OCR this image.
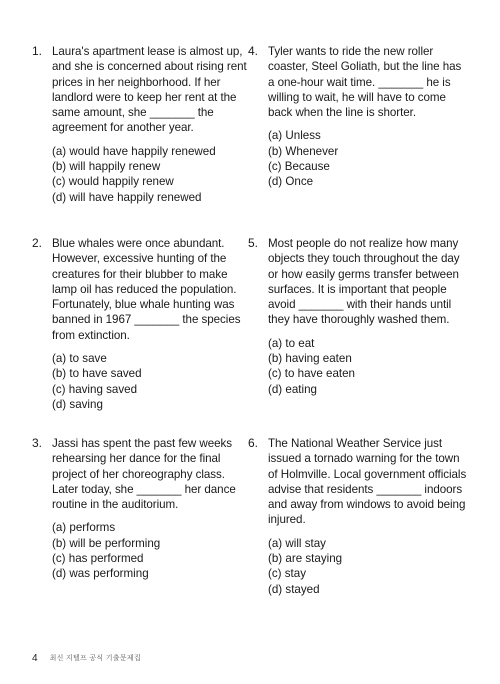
1. Laura's apartment lease is almost up, and she is concerned about rising rent prices in her neighborhood. If her landlord were to keep her rent at the same amount, she _______ the agreement for another year.

(a) would have happily renewed
(b) will happily renew
(c) would happily renew
(d) will have happily renewed
4. Tyler wants to ride the new roller coaster, Steel Goliath, but the line has a one-hour wait time. _______ he is willing to wait, he will have to come back when the line is shorter.

(a) Unless
(b) Whenever
(c) Because
(d) Once
2. Blue whales were once abundant. However, excessive hunting of the creatures for their blubber to make lamp oil has reduced the population. Fortunately, blue whale hunting was banned in 1967 _______ the species from extinction.

(a) to save
(b) to have saved
(c) having saved
(d) saving
5. Most people do not realize how many objects they touch throughout the day or how easily germs transfer between surfaces. It is important that people avoid _______ with their hands until they have thoroughly washed them.

(a) to eat
(b) having eaten
(c) to have eaten
(d) eating
3. Jassi has spent the past few weeks rehearsing her dance for the final project of her choreography class. Later today, she _______ her dance routine in the auditorium.

(a) performs
(b) will be performing
(c) has performed
(d) was performing
6. The National Weather Service just issued a tornado warning for the town of Holmville. Local government officials advise that residents _______ indoors and away from windows to avoid being injured.

(a) will stay
(b) are staying
(c) stay
(d) stayed
4 최신 지텔프 공식 기출문제집
